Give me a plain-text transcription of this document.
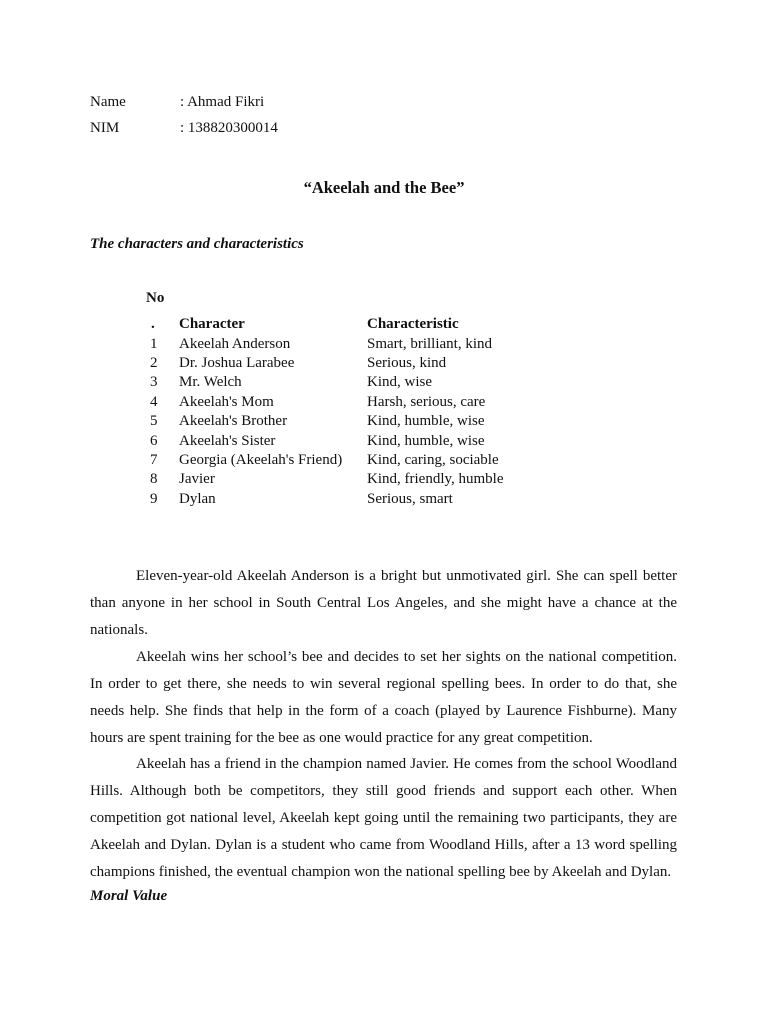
Name	: Ahmad Fikri
NIM	: 138820300014
“Akeelah and the Bee”
The characters and characteristics
No
. Character	Characteristic
1 Akeelah Anderson	Smart, brilliant, kind
2 Dr. Joshua Larabee	Serious, kind
3 Mr. Welch	Kind, wise
4 Akeelah's Mom	Harsh, serious, care
5 Akeelah's Brother	Kind, humble, wise
6 Akeelah's Sister	Kind, humble, wise
7 Georgia (Akeelah's Friend) Kind, caring, sociable
8 Javier	Kind, friendly, humble
9 Dylan	Serious, smart

Eleven-year-old Akeelah Anderson is a bright but unmotivated girl. She can spell better than anyone in her school in South Central Los Angeles, and she might have a chance at the nationals.

Akeelah wins her school’s bee and decides to set her sights on the national competition. In order to get there, she needs to win several regional spelling bees. In order to do that, she needs help. She finds that help in the form of a coach (played by Laurence Fishburne). Many hours are spent training for the bee as one would practice for any great competition.

Akeelah has a friend in the champion named Javier. He comes from the school Woodland Hills. Although both be competitors, they still good friends and support each other. When competition got national level, Akeelah kept going until the remaining two participants, they are Akeelah and Dylan. Dylan is a student who came from Woodland Hills, after a 13 word spelling champions finished, the eventual champion won the national spelling bee by Akeelah and Dylan.

Moral Value
